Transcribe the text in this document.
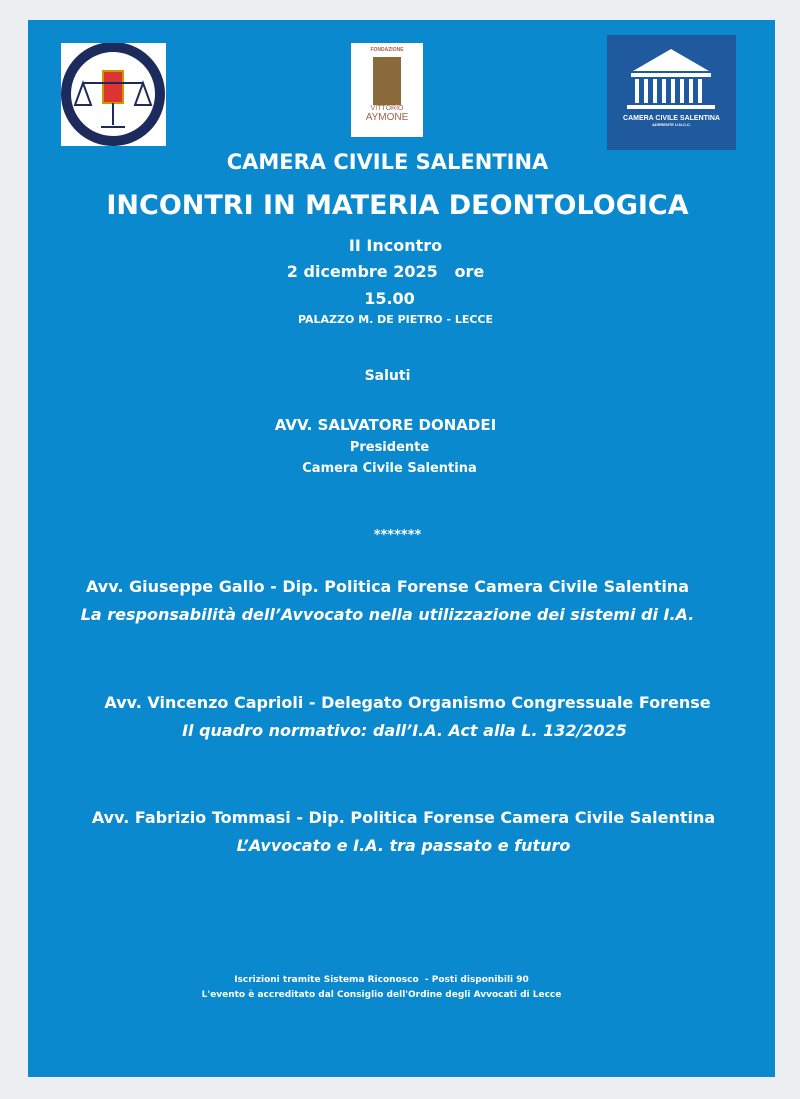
FONDAZIONE
VITTORIO
AYMONE	CAMERA CIVILE SALENTINA
ADERENTE U.N.C.C.
CAMERA CIVILE SALENTINA
INCONTRI IN MATERIA DEONTOLOGICA
II Incontro
2 dicembre 2025   ore
15.00
PALAZZO M. DE PIETRO - LECCE
Saluti
AVV. SALVATORE DONADEI
Presidente
Camera Civile Salentina
*******
Avv. Giuseppe Gallo - Dip. Politica Forense Camera Civile Salentina
La responsabilità dell’Avvocato nella utilizzazione dei sistemi di I.A.
Avv. Vincenzo Caprioli - Delegato Organismo Congressuale Forense
Il quadro normativo: dall’I.A. Act alla L. 132/2025
Avv. Fabrizio Tommasi - Dip. Politica Forense Camera Civile Salentina
L’Avvocato e I.A. tra passato e futuro
Iscrizioni tramite Sistema Riconosco  - Posti disponibili 90
L'evento è accreditato dal Consiglio dell'Ordine degli Avvocati di Lecce
